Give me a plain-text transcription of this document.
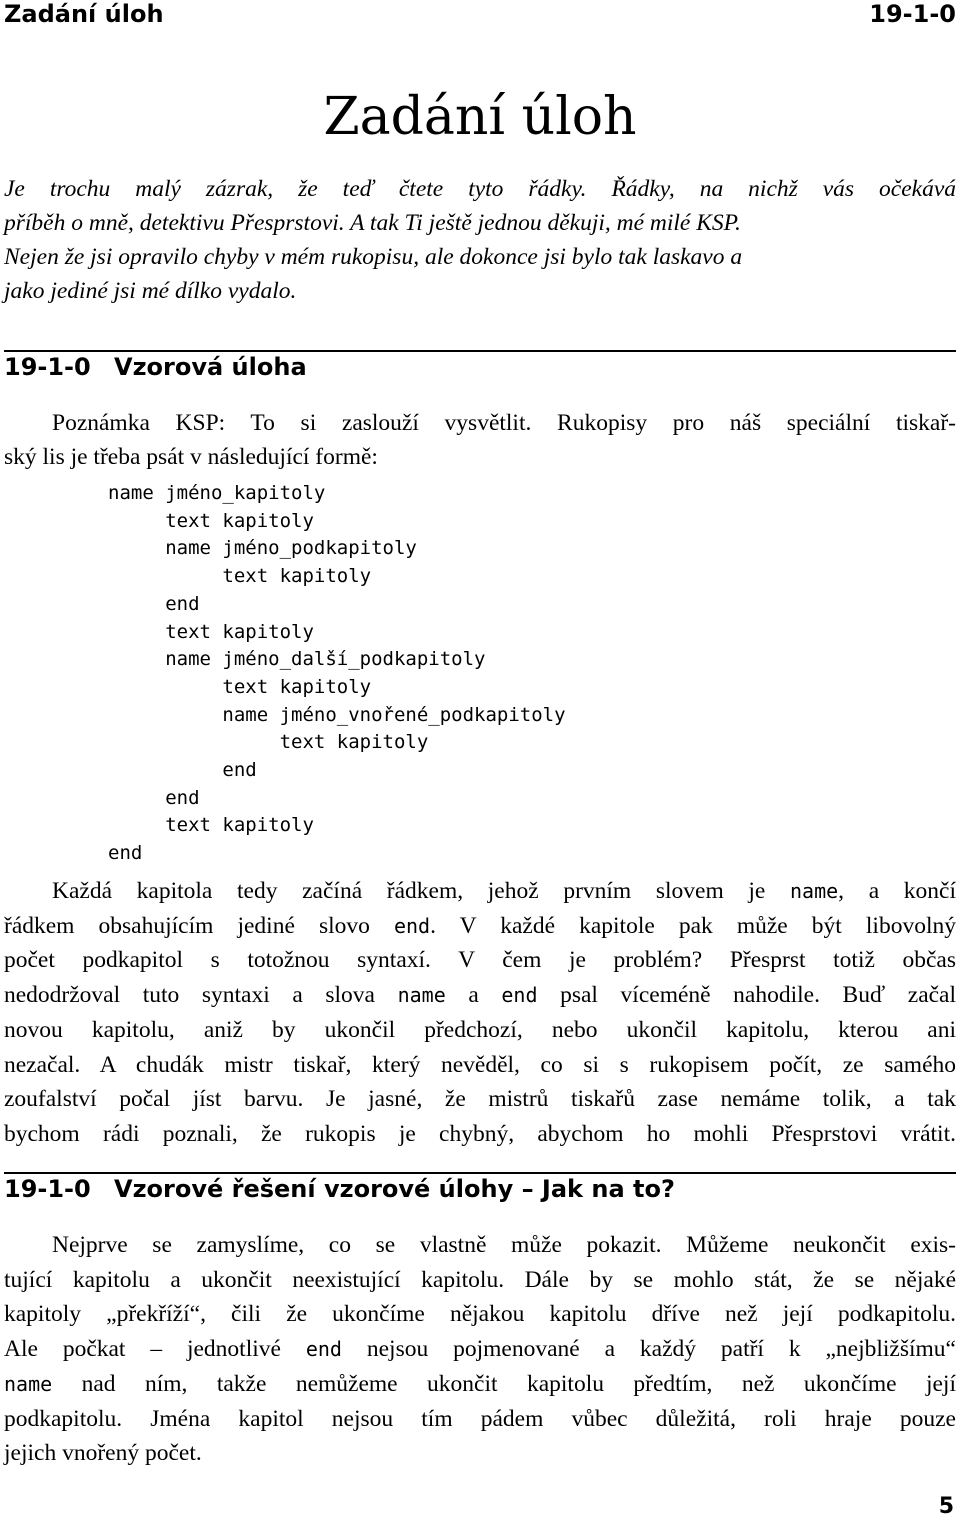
Zadání úloh	19-1-0
Zadání úloh

Je trochu malý zázrak, že teď čtete tyto řádky. Řádky, na nichž vás očekává
příběh o mně, detektivu Přesprstovi. A tak Ti ještě jednou děkuji, mé milé KSP.
Nejen že jsi opravilo chyby v mém rukopisu, ale dokonce jsi bylo tak laskavo a
jako jediné jsi mé dílko vydalo.

19-1-0 Vzorová úloha

Poznámka KSP: To si zaslouží vysvětlit. Rukopisy pro náš speciální tiskař-

ský lis je třeba psát v následující formě:

name jméno_kapitoly
text kapitoly
name jméno_podkapitoly
text kapitoly
end
text kapitoly
name jméno_další_podkapitoly
text kapitoly
name jméno_vnořené_podkapitoly
text kapitoly
end
end
text kapitoly
end

Každá kapitola tedy začíná řádkem, jehož prvním slovem je name, a končí
řádkem obsahujícím jediné slovo end. V každé kapitole pak může být libovolný
počet podkapitol s totožnou syntaxí. V čem je problém? Přesprst totiž občas
nedodržoval tuto syntaxi a slova name a end psal víceméně nahodile. Buď začal
novou kapitolu, aniž by ukončil předchozí, nebo ukončil kapitolu, kterou ani
nezačal. A chudák mistr tiskař, který nevěděl, co si s rukopisem počít, ze samého
zoufalství počal jíst barvu. Je jasné, že mistrů tiskařů zase nemáme tolik, a tak
bychom rádi poznali, že rukopis je chybný, abychom ho mohli Přesprstovi vrátit.

19-1-0 Vzorové řešení vzorové úlohy – Jak na to?

Nejprve se zamyslíme, co se vlastně může pokazit. Můžeme neukončit exis-
tující kapitolu a ukončit neexistující kapitolu. Dále by se mohlo stát, že se nějaké
kapitoly „překříží“, čili že ukončíme nějakou kapitolu dříve než její podkapitolu.
Ale počkat – jednotlivé end nejsou pojmenované a každý patří k „nejbližšímu“
name nad ním, takže nemůžeme ukončit kapitolu předtím, než ukončíme její
podkapitolu. Jména kapitol nejsou tím pádem vůbec důležitá, roli hraje pouze
jejich vnořený počet.

5
